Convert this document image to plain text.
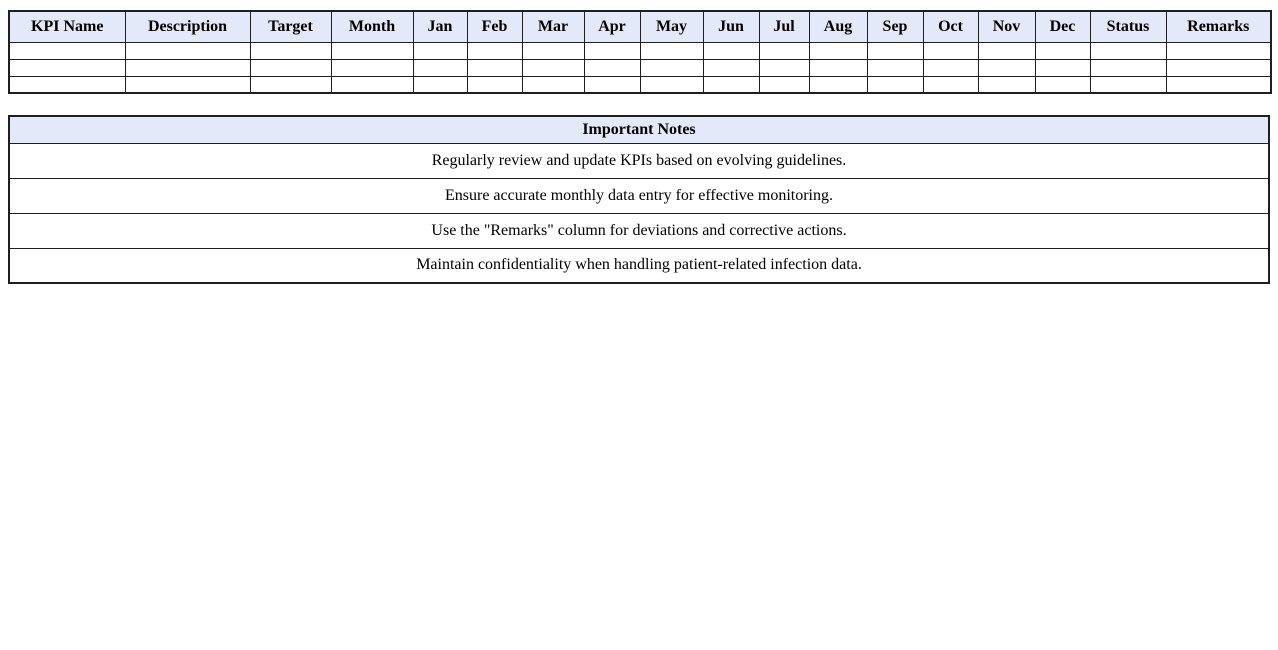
KPI Name	Description	Target	Month	Jan	Feb	Mar	Apr	May	Jun	Jul	Aug	Sep	Oct	Nov	Dec	Status	Remarks

Important Notes
Regularly review and update KPIs based on evolving guidelines.
Ensure accurate monthly data entry for effective monitoring.
Use the "Remarks" column for deviations and corrective actions.
Maintain confidentiality when handling patient-related infection data.
